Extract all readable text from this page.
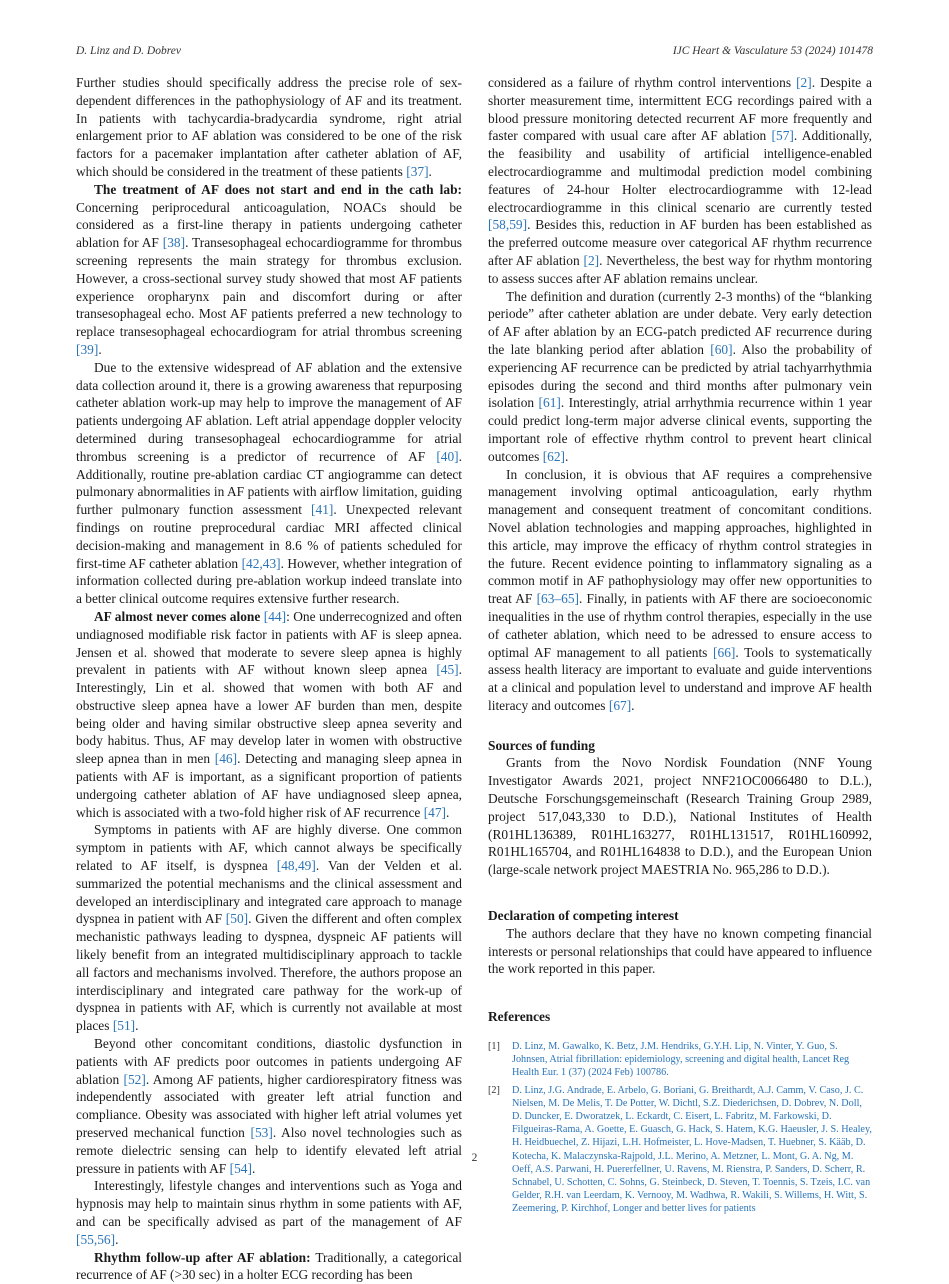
D. Linz and D. Dobrev	IJC Heart & Vasculature 53 (2024) 101478

Further studies should specifically address the precise role of sex-dependent differences in the pathophysiology of AF and its treatment. In patients with tachycardia-bradycardia syndrome, right atrial enlargement prior to AF ablation was considered to be one of the risk factors for a pacemaker implantation after catheter ablation of AF, which should be considered in the treatment of these patients [37].

The treatment of AF does not start and end in the cath lab: Concerning periprocedural anticoagulation, NOACs should be considered as a first-line therapy in patients undergoing catheter ablation for AF [38]. Transesophageal echocardiogramme for thrombus screening represents the main strategy for thrombus exclusion. However, a cross-sectional survey study showed that most AF patients experience oropharynx pain and discomfort during or after transesophageal echo. Most AF patients preferred a new technology to replace transesophageal echocardiogram for atrial thrombus screening [39].

Due to the extensive widespread of AF ablation and the extensive data collection around it, there is a growing awareness that repurposing catheter ablation work-up may help to improve the management of AF patients undergoing AF ablation. Left atrial appendage doppler velocity determined during transesophageal echocardiogramme for atrial thrombus screening is a predictor of recurrence of AF [40]. Additionally, routine pre-ablation cardiac CT angiogramme can detect pulmonary abnormalities in AF patients with airflow limitation, guiding further pulmonary function assessment [41]. Unexpected relevant findings on routine preprocedural cardiac MRI affected clinical decision-making and management in 8.6 % of patients scheduled for first-time AF catheter ablation [42,43]. However, whether integration of information collected during pre-ablation workup indeed translate into a better clinical outcome requires extensive further research.

AF almost never comes alone [44]: One underrecognized and often undiagnosed modifiable risk factor in patients with AF is sleep apnea. Jensen et al. showed that moderate to severe sleep apnea is highly prevalent in patients with AF without known sleep apnea [45]. Interestingly, Lin et al. showed that women with both AF and obstructive sleep apnea have a lower AF burden than men, despite being older and having similar obstructive sleep apnea severity and body habitus. Thus, AF may develop later in women with obstructive sleep apnea than in men [46]. Detecting and managing sleep apnea in patients with AF is important, as a significant proportion of patients undergoing catheter ablation of AF have undiagnosed sleep apnea, which is associated with a two-fold higher risk of AF recurrence [47].

Symptoms in patients with AF are highly diverse. One common symptom in patients with AF, which cannot always be specifically related to AF itself, is dyspnea [48,49]. Van der Velden et al. summarized the potential mechanisms and the clinical assessment and developed an interdisciplinary and integrated care approach to manage dyspnea in patient with AF [50]. Given the different and often complex mechanistic pathways leading to dyspnea, dyspneic AF patients will likely benefit from an integrated multidisciplinary approach to tackle all factors and mechanisms involved. Therefore, the authors propose an interdisciplinary and integrated care pathway for the work-up of dyspnea in patients with AF, which is currently not available at most places [51].

Beyond other concomitant conditions, diastolic dysfunction in patients with AF predicts poor outcomes in patients undergoing AF ablation [52]. Among AF patients, higher cardiorespiratory fitness was independently associated with greater left atrial function and compliance. Obesity was associated with higher left atrial volumes yet preserved mechanical function [53]. Also novel technologies such as remote dielectric sensing can help to identify elevated left atrial pressure in patients with AF [54].

Interestingly, lifestyle changes and interventions such as Yoga and hypnosis may help to maintain sinus rhythm in some patients with AF, and can be specifically advised as part of the management of AF [55,56].

Rhythm follow-up after AF ablation: Traditionally, a categorical recurrence of AF (>30 sec) in a holter ECG recording has been

considered as a failure of rhythm control interventions [2]. Despite a shorter measurement time, intermittent ECG recordings paired with a blood pressure monitoring detected recurrent AF more frequently and faster compared with usual care after AF ablation [57]. Additionally, the feasibility and usability of artificial intelligence-enabled electrocardiogramme and multimodal prediction model combining features of 24-hour Holter electrocardiogramme with 12-lead electrocardiogramme in this clinical scenario are currently tested [58,59]. Besides this, reduction in AF burden has been established as the preferred outcome measure over categorical AF rhythm recurrence after AF ablation [2]. Nevertheless, the best way for rhythm montoring to assess succes after AF ablation remains unclear.

The definition and duration (currently 2-3 months) of the “blanking periode” after catheter ablation are under debate. Very early detection of AF after ablation by an ECG-patch predicted AF recurrence during the late blanking period after ablation [60]. Also the probability of experiencing AF recurrence can be predicted by atrial tachyarrhythmia episodes during the second and third months after pulmonary vein isolation [61]. Interestingly, atrial arrhythmia recurrence within 1 year could predict long-term major adverse clinical events, supporting the important role of effective rhythm control to prevent heart clinical outcomes [62].

In conclusion, it is obvious that AF requires a comprehensive management involving optimal anticoagulation, early rhythm management and consequent treatment of concomitant conditions. Novel ablation technologies and mapping approaches, highlighted in this article, may improve the efficacy of rhythm control strategies in the future. Recent evidence pointing to inflammatory signaling as a common motif in AF pathophysiology may offer new opportunities to treat AF [63–65]. Finally, in patients with AF there are socioeconomic inequalities in the use of rhythm control therapies, especially in the use of catheter ablation, which need to be adressed to ensure access to optimal AF management to all patients [66]. Tools to systematically assess health literacy are important to evaluate and guide interventions at a clinical and population level to understand and improve AF health literacy and outcomes [67].

Sources of funding

Grants from the Novo Nordisk Foundation (NNF Young Investigator Awards 2021, project NNF21OC0066480 to D.L.), Deutsche Forschungsgemeinschaft (Research Training Group 2989, project 517,043,330 to D.D.), National Institutes of Health (R01HL136389, R01HL163277, R01HL131517, R01HL160992, R01HL165704, and R01HL164838 to D.D.), and the European Union (large-scale network project MAESTRIA No. 965,286 to D.D.).

Declaration of competing interest

The authors declare that they have no known competing financial interests or personal relationships that could have appeared to influence the work reported in this paper.

References
[1]	D. Linz, M. Gawalko, K. Betz, J.M. Hendriks, G.Y.H. Lip, N. Vinter, Y. Guo, S. Johnsen, Atrial fibrillation: epidemiology, screening and digital health, Lancet Reg Health Eur. 1 (37) (2024 Feb) 100786.
[2]	D. Linz, J.G. Andrade, E. Arbelo, G. Boriani, G. Breithardt, A.J. Camm, V. Caso, J. C. Nielsen, M. De Melis, T. De Potter, W. Dichtl, S.Z. Diederichsen, D. Dobrev, N. Doll, D. Duncker, E. Dworatzek, L. Eckardt, C. Eisert, L. Fabritz, M. Farkowski, D. Filgueiras-Rama, A. Goette, E. Guasch, G. Hack, S. Hatem, K.G. Haeusler, J. S. Healey, H. Heidbuechel, Z. Hijazi, L.H. Hofmeister, L. Hove-Madsen, T. Huebner, S. Kääb, D. Kotecha, K. Malaczynska-Rajpold, J.L. Merino, A. Metzner, L. Mont, G. A. Ng, M. Oeff, A.S. Parwani, H. Puererfellner, U. Ravens, M. Rienstra, P. Sanders, D. Scherr, R. Schnabel, U. Schotten, C. Sohns, G. Steinbeck, D. Steven, T. Toennis, S. Tzeis, I.C. van Gelder, R.H. van Leerdam, K. Vernooy, M. Wadhwa, R. Wakili, S. Willems, H. Witt, S. Zeemering, P. Kirchhof, Longer and better lives for patients
2
